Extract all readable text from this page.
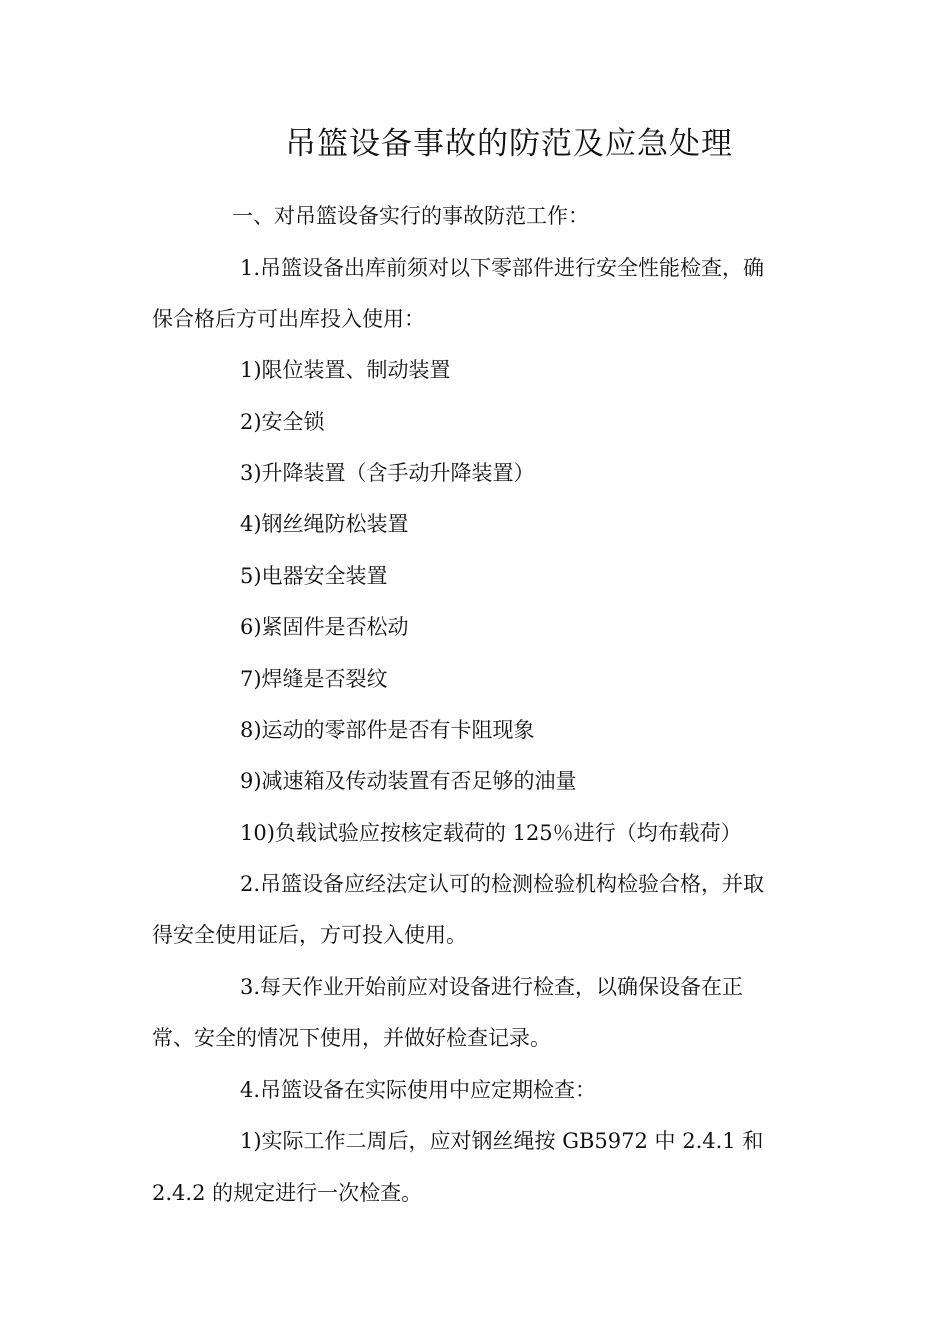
吊篮设备事故的防范及应急处理
一、对吊篮设备实行的事故防范工作：
1.吊篮设备出库前须对以下零部件进行安全性能检查，确
保合格后方可出库投入使用：
1)限位装置、制动装置
2)安全锁
3)升降装置（含手动升降装置）
4)钢丝绳防松装置
5)电器安全装置
6)紧固件是否松动
7)焊缝是否裂纹
8)运动的零部件是否有卡阻现象
9)减速箱及传动装置有否足够的油量
10)负载试验应按核定载荷的 125％进行（均布载荷）
2.吊篮设备应经法定认可的检测检验机构检验合格，并取
得安全使用证后，方可投入使用。
3.每天作业开始前应对设备进行检查，以确保设备在正
常、安全的情况下使用，并做好检查记录。
4.吊篮设备在实际使用中应定期检查：
1)实际工作二周后，应对钢丝绳按 GB5972 中 2.4.1 和
2.4.2 的规定进行一次检查。
